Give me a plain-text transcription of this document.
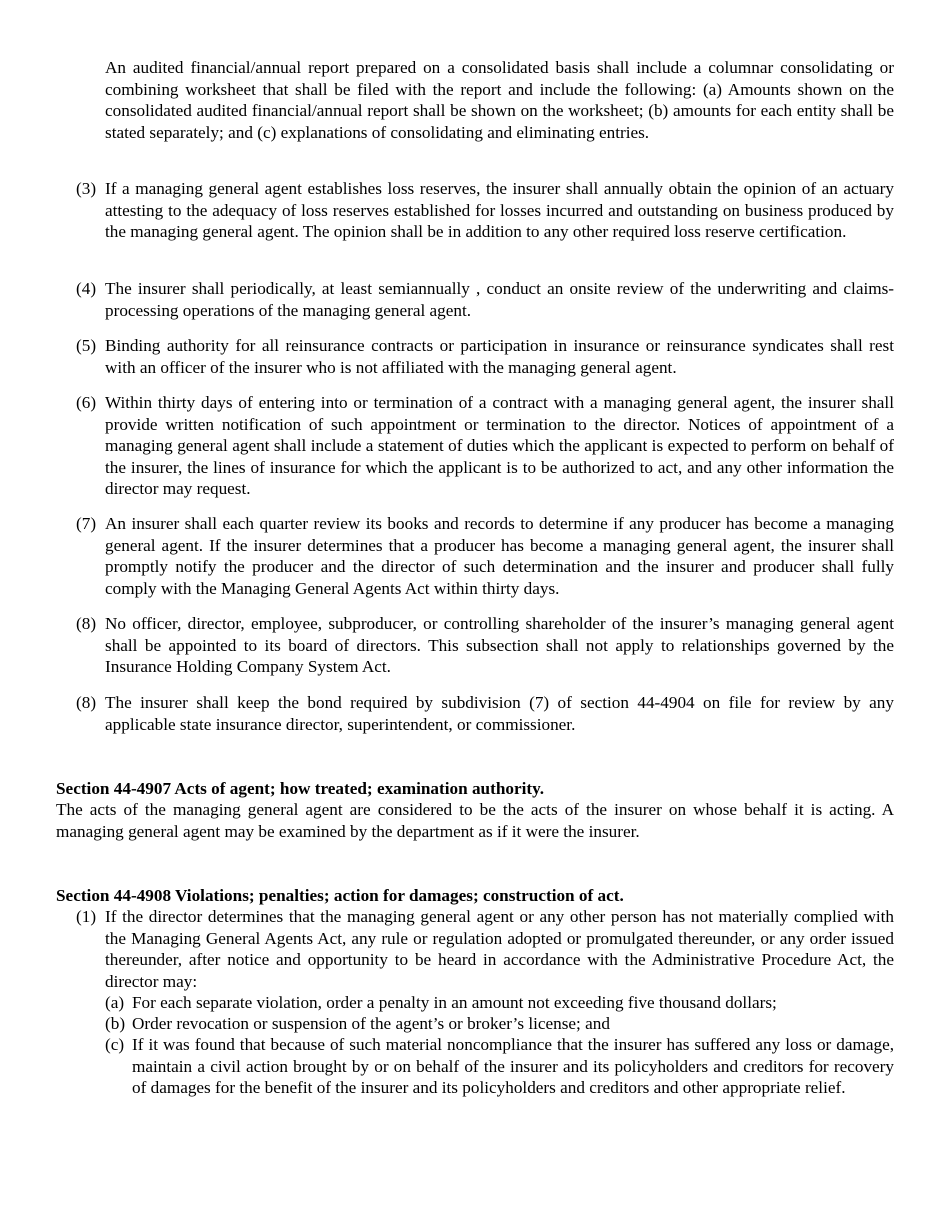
An audited financial/annual report prepared on a consolidated basis shall include a columnar consolidating or combining worksheet that shall be filed with the report and include the following: (a) Amounts shown on the consolidated audited financial/annual report shall be shown on the worksheet; (b) amounts for each entity shall be stated separately; and (c) explanations of consolidating and eliminating entries.
(3) If a managing general agent establishes loss reserves, the insurer shall annually obtain the opinion of an actuary attesting to the adequacy of loss reserves established for losses incurred and outstanding on business produced by the managing general agent. The opinion shall be in addition to any other required loss reserve certification.
(4) The insurer shall periodically, at least semiannually , conduct an onsite review of the underwriting and claims-processing operations of the managing general agent.
(5) Binding authority for all reinsurance contracts or participation in insurance or reinsurance syndicates shall rest with an officer of the insurer who is not affiliated with the managing general agent.
(6) Within thirty days of entering into or termination of a contract with a managing general agent, the insurer shall provide written notification of such appointment or termination to the director. Notices of appointment of a managing general agent shall include a statement of duties which the applicant is expected to perform on behalf of the insurer, the lines of insurance for which the applicant is to be authorized to act, and any other information the director may request.
(7) An insurer shall each quarter review its books and records to determine if any producer has become a managing general agent. If the insurer determines that a producer has become a managing general agent, the insurer shall promptly notify the producer and the director of such determination and the insurer and producer shall fully comply with the Managing General Agents Act within thirty days.
(8) No officer, director, employee, subproducer, or controlling shareholder of the insurer’s managing general agent shall be appointed to its board of directors. This subsection shall not apply to relationships governed by the Insurance Holding Company System Act.
(8) The insurer shall keep the bond required by subdivision (7) of section 44-4904 on file for review by any applicable state insurance director, superintendent, or commissioner.
Section 44-4907 Acts of agent; how treated; examination authority.
The acts of the managing general agent are considered to be the acts of the insurer on whose behalf it is acting. A managing general agent may be examined by the department as if it were the insurer.
Section 44-4908 Violations; penalties; action for damages; construction of act.
(1) If the director determines that the managing general agent or any other person has not materially complied with the Managing General Agents Act, any rule or regulation adopted or promulgated thereunder, or any order issued thereunder, after notice and opportunity to be heard in accordance with the Administrative Procedure Act, the director may:
(a) For each separate violation, order a penalty in an amount not exceeding five thousand dollars;
(b) Order revocation or suspension of the agent’s or broker’s license; and
(c) If it was found that because of such material noncompliance that the insurer has suffered any loss or damage, maintain a civil action brought by or on behalf of the insurer and its policyholders and creditors for recovery of damages for the benefit of the insurer and its policyholders and creditors and other appropriate relief.
